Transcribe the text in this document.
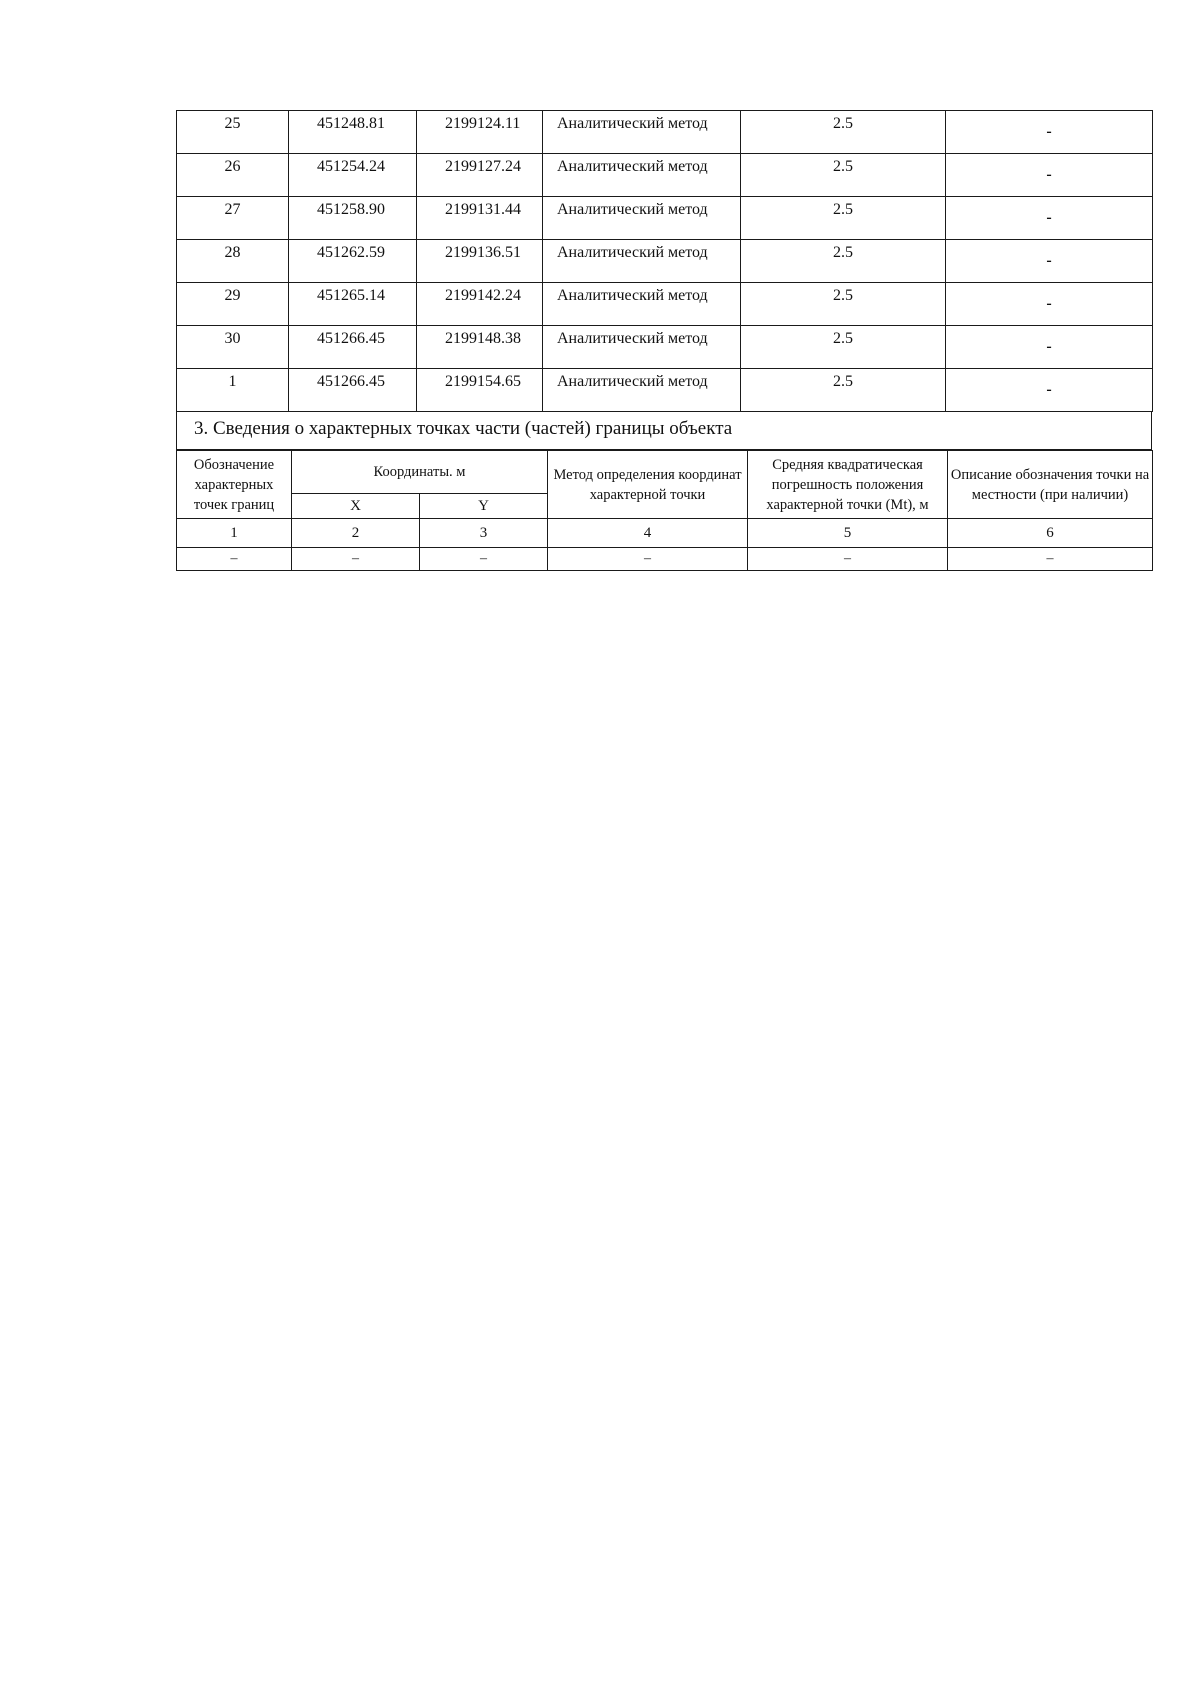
25	451248.81	2199124.11	Аналитический метод	2.5	-
26	451254.24	2199127.24	Аналитический метод	2.5	-
27	451258.90	2199131.44	Аналитический метод	2.5	-
28	451262.59	2199136.51	Аналитический метод	2.5	-
29	451265.14	2199142.24	Аналитический метод	2.5	-
30	451266.45	2199148.38	Аналитический метод	2.5	-
1	451266.45	2199154.65	Аналитический метод	2.5	-
3. Сведения о характерных точках части (частей) границы объекта
Обозначение характерных точек границ	Координаты. м		Метод определения координат характерной точки	Средняя квадратическая погрешность положения характерной точки (Mt), м	Описание обозначения точки на местности (при наличии)
	X	Y			
1	2	3	4	5	6
–	–	–	–	–	–
